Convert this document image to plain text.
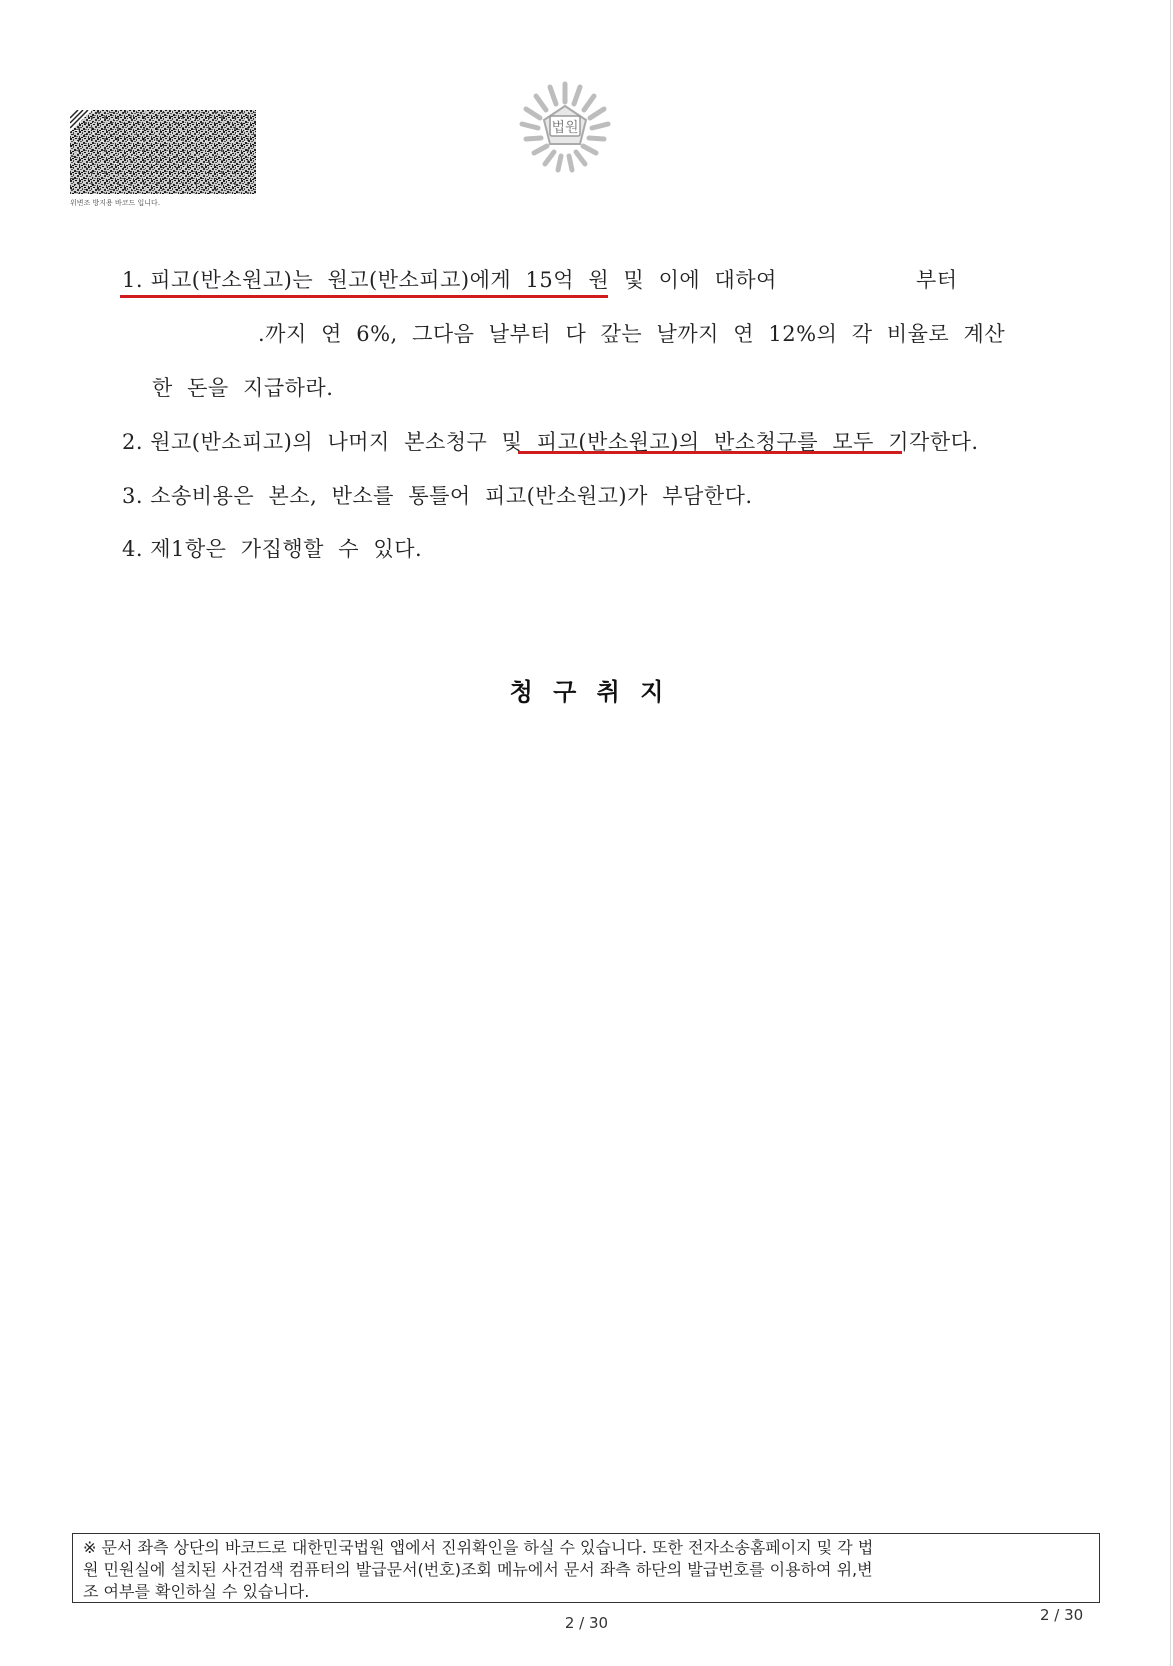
위변조 방지용 바코드 입니다.
법원
1. 피고(반소원고)는  원고(반소피고)에게  15억  원  및  이에  대하여	부터
.까지  연  6%,  그다음  날부터  다  갚는  날까지  연  12%의  각  비율로  계산
한  돈을  지급하라.
2. 원고(반소피고)의  나머지  본소청구  및  피고(반소원고)의  반소청구를  모두  기각한다.
3. 소송비용은  본소,  반소를  통틀어  피고(반소원고)가  부담한다.
4. 제1항은  가집행할  수  있다.
청 구 취 지
※ 문서 좌측 상단의 바코드로 대한민국법원 앱에서 진위확인을 하실 수 있습니다. 또한 전자소송홈페이지 및 각 법
원 민원실에 설치된 사건검색 컴퓨터의 발급문서(번호)조회 메뉴에서 문서 좌측 하단의 발급번호를 이용하여 위,변
조 여부를 확인하실 수 있습니다.
2 / 30
2 / 30
